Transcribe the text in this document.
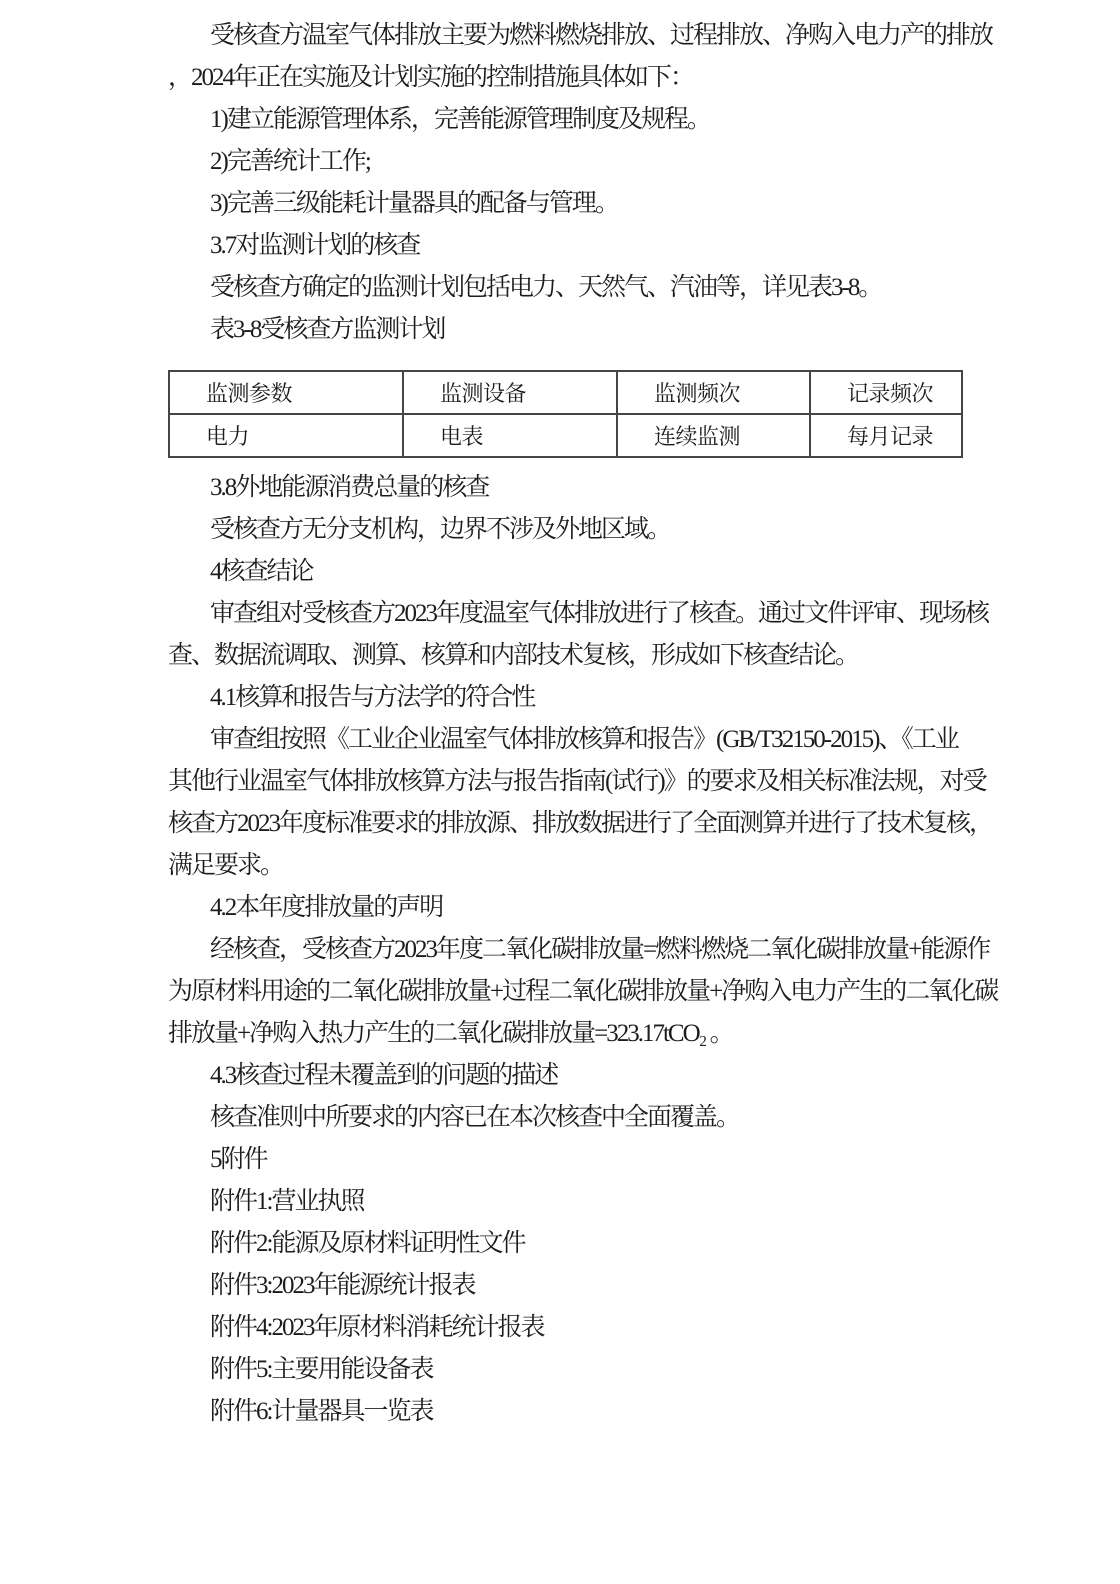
受核查方温室气体排放主要为燃料燃烧排放、过程排放、净购入电力产的排放
，2024年正在实施及计划实施的控制措施具体如下：
1)建立能源管理体系，完善能源管理制度及规程。
2)完善统计工作;
3)完善三级能耗计量器具的配备与管理。
3.7对监测计划的核查
受核查方确定的监测计划包括电力、天然气、汽油等，详见表3-8。
表3-8受核查方监测计划
监测参数	监测设备	监测频次	记录频次
电力	电表	连续监测	每月记录
3.8外地能源消费总量的核查
受核查方无分支机构，边界不涉及外地区域。
4核查结论
审查组对受核查方2023年度温室气体排放进行了核查。通过文件评审、现场核
查、数据流调取、测算、核算和内部技术复核，形成如下核查结论。
4.1核算和报告与方法学的符合性
审查组按照《工业企业温室气体排放核算和报告》(GB/T32150-2015)、《工业
其他行业温室气体排放核算方法与报告指南(试行)》的要求及相关标准法规，对受
核查方2023年度标准要求的排放源、排放数据进行了全面测算并进行了技术复核，
满足要求。
4.2本年度排放量的声明
经核查，受核查方2023年度二氧化碳排放量=燃料燃烧二氧化碳排放量+能源作
为原材料用途的二氧化碳排放量+过程二氧化碳排放量+净购入电力产生的二氧化碳
排放量+净购入热力产生的二氧化碳排放量=323.17tCO₂ 。
4.3核查过程未覆盖到的问题的描述
核查准则中所要求的内容已在本次核查中全面覆盖。
5附件
附件1:营业执照
附件2:能源及原材料证明性文件
附件3:2023年能源统计报表
附件4:2023年原材料消耗统计报表
附件5:主要用能设备表
附件6:计量器具一览表
